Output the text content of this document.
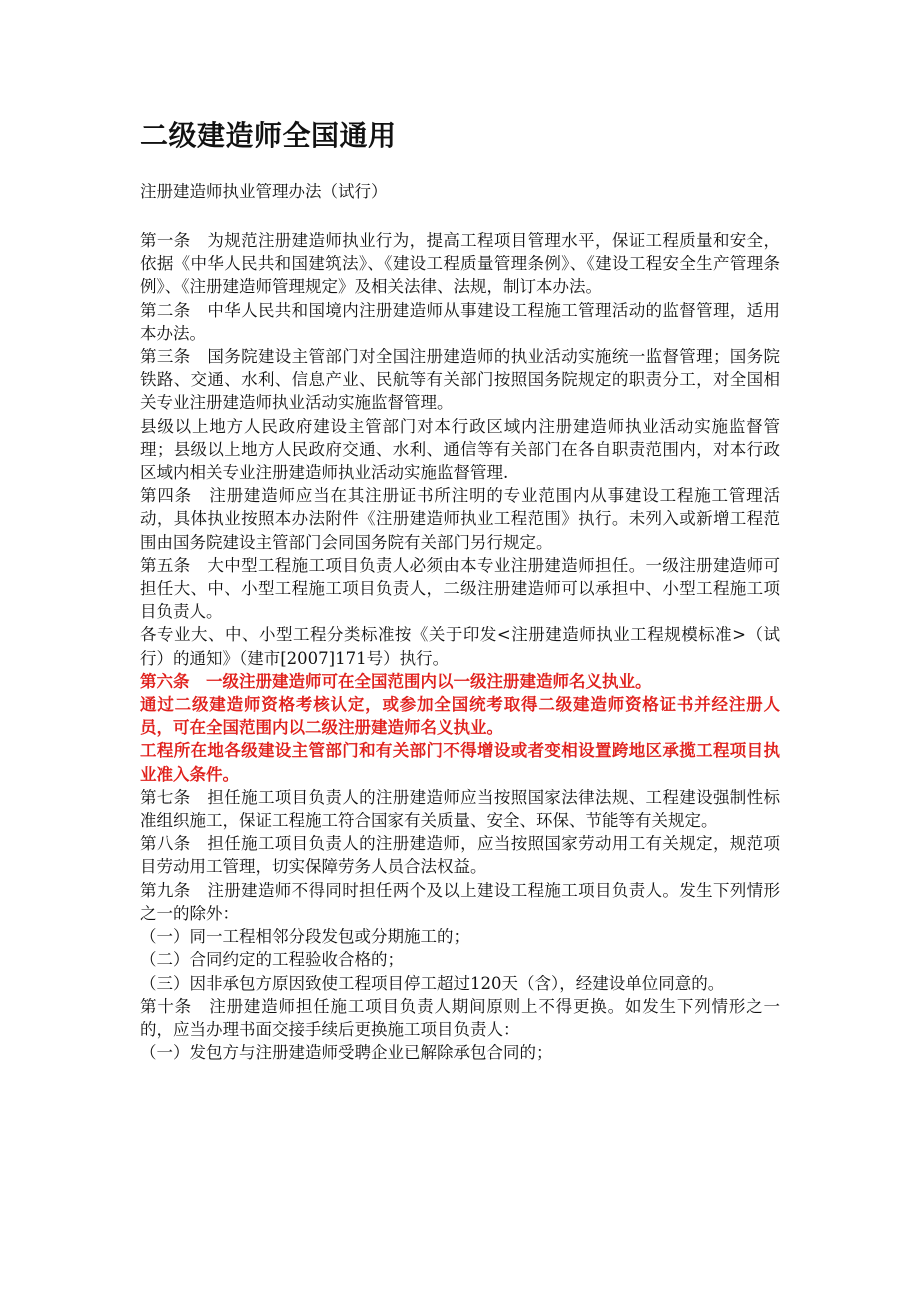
二级建造师全国通用
注册建造师执业管理办法（试行）

第一条　为规范注册建造师执业行为，提高工程项目管理水平，保证工程质量和安全，依据《中华人民共和国建筑法》、《建设工程质量管理条例》、《建设工程安全生产管理条例》、《注册建造师管理规定》及相关法律、法规，制订本办法。

第二条　中华人民共和国境内注册建造师从事建设工程施工管理活动的监督管理，适用本办法。

第三条　国务院建设主管部门对全国注册建造师的执业活动实施统一监督管理；国务院铁路、交通、水利、信息产业、民航等有关部门按照国务院规定的职责分工，对全国相关专业注册建造师执业活动实施监督管理。

县级以上地方人民政府建设主管部门对本行政区域内注册建造师执业活动实施监督管理；县级以上地方人民政府交通、水利、通信等有关部门在各自职责范围内，对本行政区域内相关专业注册建造师执业活动实施监督管理.

第四条　注册建造师应当在其注册证书所注明的专业范围内从事建设工程施工管理活动，具体执业按照本办法附件《注册建造师执业工程范围》执行。未列入或新增工程范围由国务院建设主管部门会同国务院有关部门另行规定。

第五条　大中型工程施工项目负责人必须由本专业注册建造师担任。一级注册建造师可担任大、中、小型工程施工项目负责人，二级注册建造师可以承担中、小型工程施工项目负责人。

各专业大、中、小型工程分类标准按《关于印发<注册建造师执业工程规模标准>（试行）的通知》（建市[2007]171号）执行。

第六条　一级注册建造师可在全国范围内以一级注册建造师名义执业。

通过二级建造师资格考核认定，或参加全国统考取得二级建造师资格证书并经注册人员，可在全国范围内以二级注册建造师名义执业。

工程所在地各级建设主管部门和有关部门不得增设或者变相设置跨地区承揽工程项目执业准入条件。

第七条　担任施工项目负责人的注册建造师应当按照国家法律法规、工程建设强制性标准组织施工，保证工程施工符合国家有关质量、安全、环保、节能等有关规定。

第八条　担任施工项目负责人的注册建造师，应当按照国家劳动用工有关规定，规范项目劳动用工管理，切实保障劳务人员合法权益。

第九条　注册建造师不得同时担任两个及以上建设工程施工项目负责人。发生下列情形之一的除外：

（一）同一工程相邻分段发包或分期施工的；

（二）合同约定的工程验收合格的；

（三）因非承包方原因致使工程项目停工超过120天（含），经建设单位同意的。

第十条　注册建造师担任施工项目负责人期间原则上不得更换。如发生下列情形之一的，应当办理书面交接手续后更换施工项目负责人：

（一）发包方与注册建造师受聘企业已解除承包合同的；
